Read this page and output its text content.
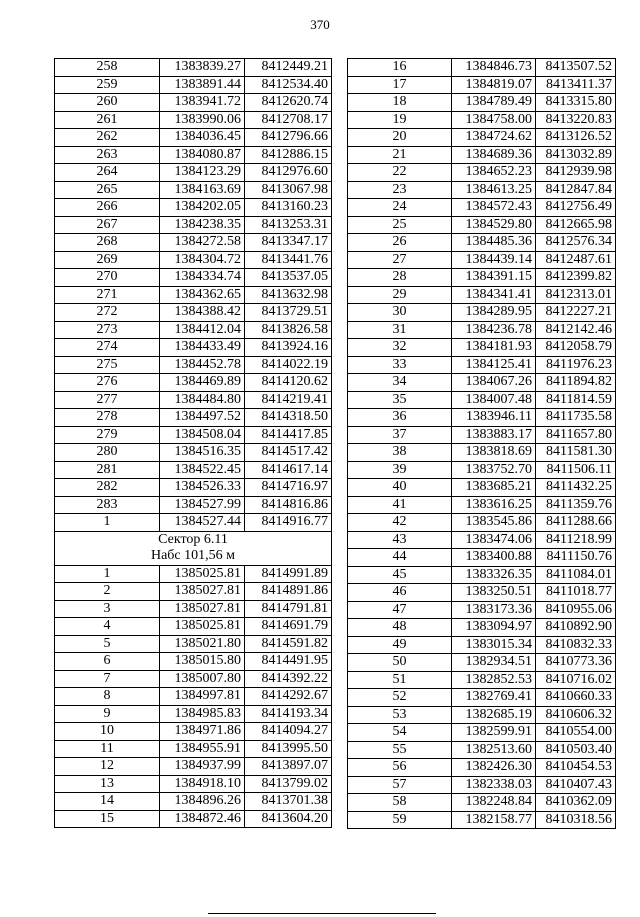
370
258	1383839.27	8412449.21
259	1383891.44	8412534.40
260	1383941.72	8412620.74
261	1383990.06	8412708.17
262	1384036.45	8412796.66
263	1384080.87	8412886.15
264	1384123.29	8412976.60
265	1384163.69	8413067.98
266	1384202.05	8413160.23
267	1384238.35	8413253.31
268	1384272.58	8413347.17
269	1384304.72	8413441.76
270	1384334.74	8413537.05
271	1384362.65	8413632.98
272	1384388.42	8413729.51
273	1384412.04	8413826.58
274	1384433.49	8413924.16
275	1384452.78	8414022.19
276	1384469.89	8414120.62
277	1384484.80	8414219.41
278	1384497.52	8414318.50
279	1384508.04	8414417.85
280	1384516.35	8414517.42
281	1384522.45	8414617.14
282	1384526.33	8414716.97
283	1384527.99	8414816.86
1	1384527.44	8414916.77
Сектор 6.11		
Набс 101,56 м		
1	1385025.81	8414991.89
2	1385027.81	8414891.86
3	1385027.81	8414791.81
4	1385025.81	8414691.79
5	1385021.80	8414591.82
6	1385015.80	8414491.95
7	1385007.80	8414392.22
8	1384997.81	8414292.67
9	1384985.83	8414193.34
10	1384971.86	8414094.27
11	1384955.91	8413995.50
12	1384937.99	8413897.07
13	1384918.10	8413799.02
14	1384896.26	8413701.38
15	1384872.46	8413604.20
16	1384846.73	8413507.52
17	1384819.07	8413411.37
18	1384789.49	8413315.80
19	1384758.00	8413220.83
20	1384724.62	8413126.52
21	1384689.36	8413032.89
22	1384652.23	8412939.98
23	1384613.25	8412847.84
24	1384572.43	8412756.49
25	1384529.80	8412665.98
26	1384485.36	8412576.34
27	1384439.14	8412487.61
28	1384391.15	8412399.82
29	1384341.41	8412313.01
30	1384289.95	8412227.21
31	1384236.78	8412142.46
32	1384181.93	8412058.79
33	1384125.41	8411976.23
34	1384067.26	8411894.82
35	1384007.48	8411814.59
36	1383946.11	8411735.58
37	1383883.17	8411657.80
38	1383818.69	8411581.30
39	1383752.70	8411506.11
40	1383685.21	8411432.25
41	1383616.25	8411359.76
42	1383545.86	8411288.66
43	1383474.06	8411218.99
44	1383400.88	8411150.76
45	1383326.35	8411084.01
46	1383250.51	8411018.77
47	1383173.36	8410955.06
48	1383094.97	8410892.90
49	1383015.34	8410832.33
50	1382934.51	8410773.36
51	1382852.53	8410716.02
52	1382769.41	8410660.33
53	1382685.19	8410606.32
54	1382599.91	8410554.00
55	1382513.60	8410503.40
56	1382426.30	8410454.53
57	1382338.03	8410407.43
58	1382248.84	8410362.09
59	1382158.77	8410318.56
